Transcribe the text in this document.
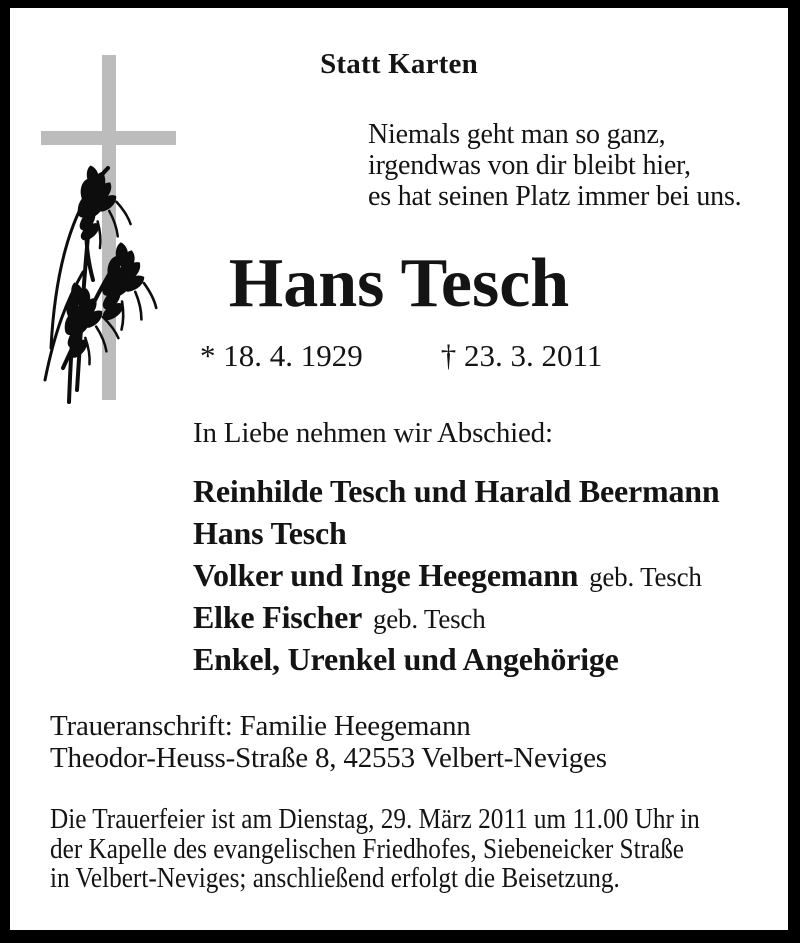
Statt Karten
Niemals geht man so ganz,
irgendwas von dir bleibt hier,
es hat seinen Platz immer bei uns.
Hans Tesch
* 18. 4. 1929	† 23. 3. 2011
In Liebe nehmen wir Abschied:
Reinhilde Tesch und Harald Beermann
Hans Tesch
Volker und Inge Heegemann geb. Tesch
Elke Fischer geb. Tesch
Enkel, Urenkel und Angehörige
Traueranschrift: Familie Heegemann
Theodor-Heuss-Straße 8, 42553 Velbert-Neviges
Die Trauerfeier ist am Dienstag, 29. März 2011 um 11.00 Uhr in
der Kapelle des evangelischen Friedhofes, Siebeneicker Straße
in Velbert-Neviges; anschließend erfolgt die Beisetzung.
